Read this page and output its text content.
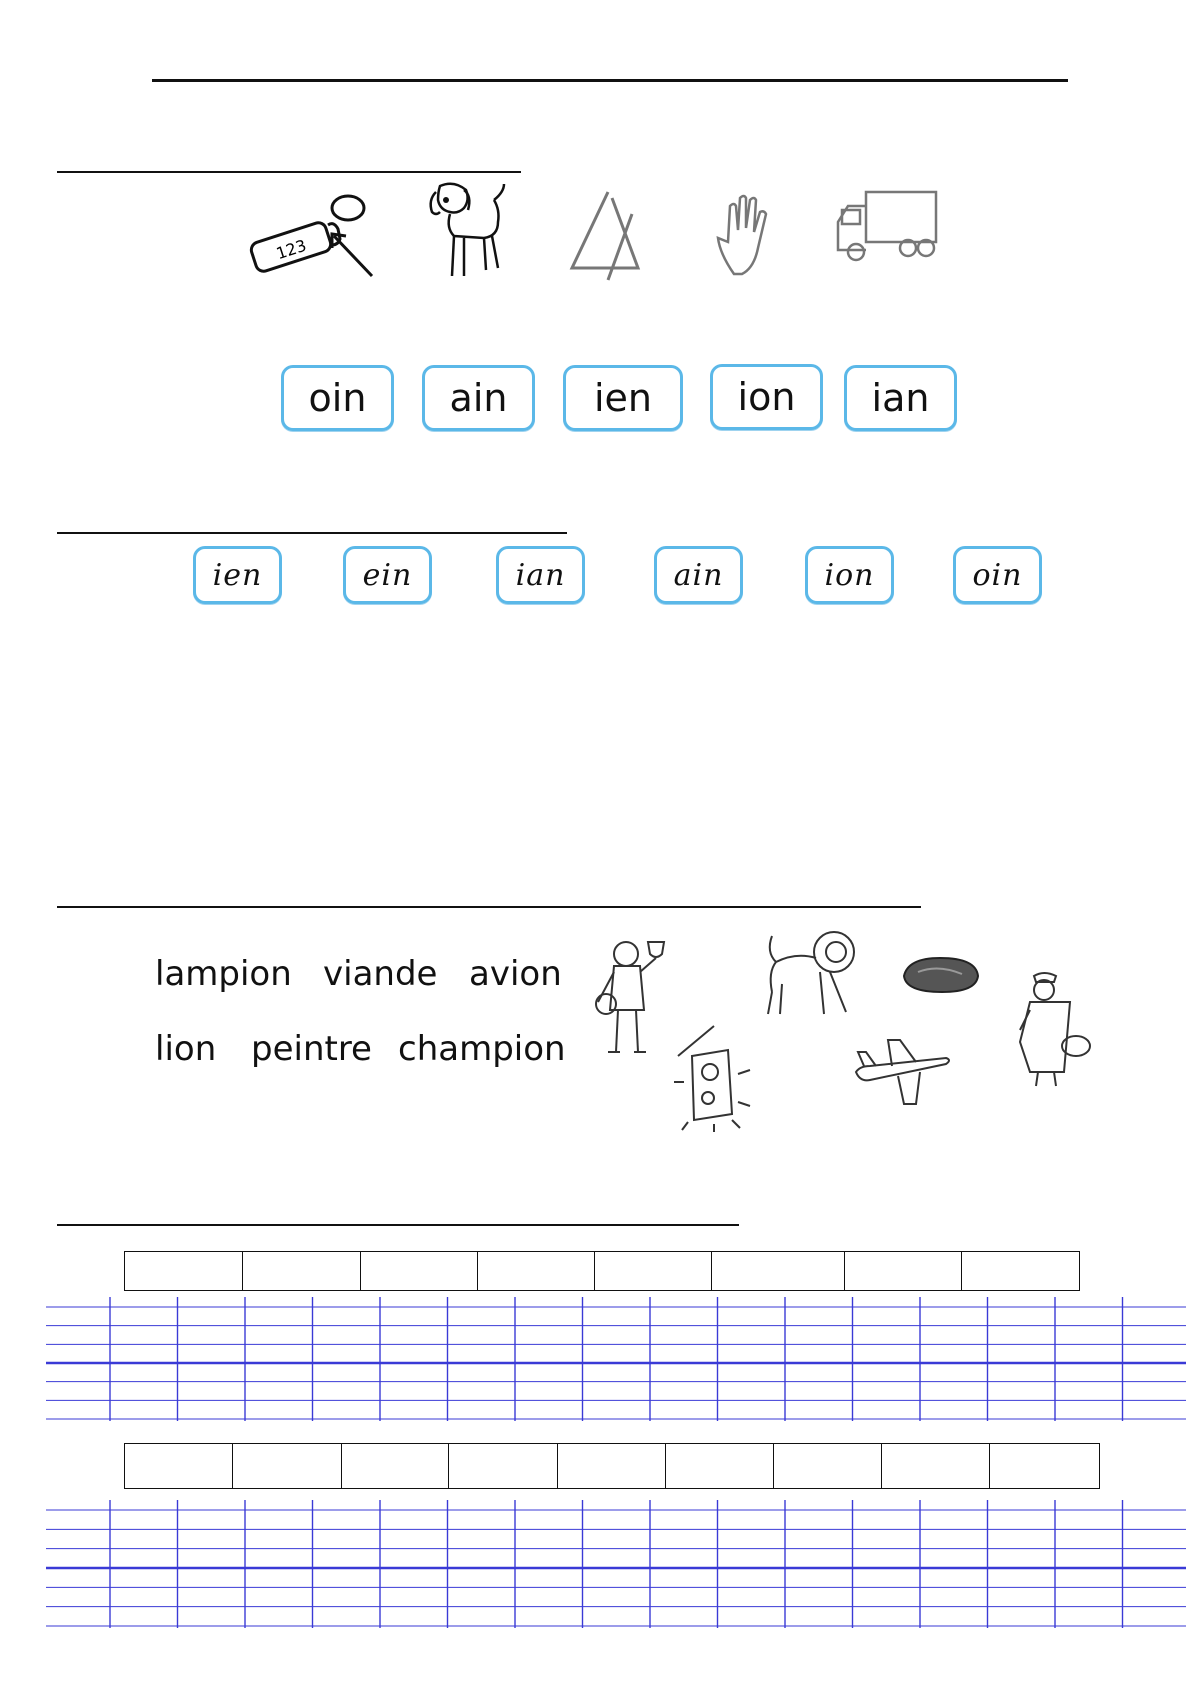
123
oin ain ien ion ian
ien	ein	ian	ain	ion	oin
lampion viande avion
lion peintre champion
